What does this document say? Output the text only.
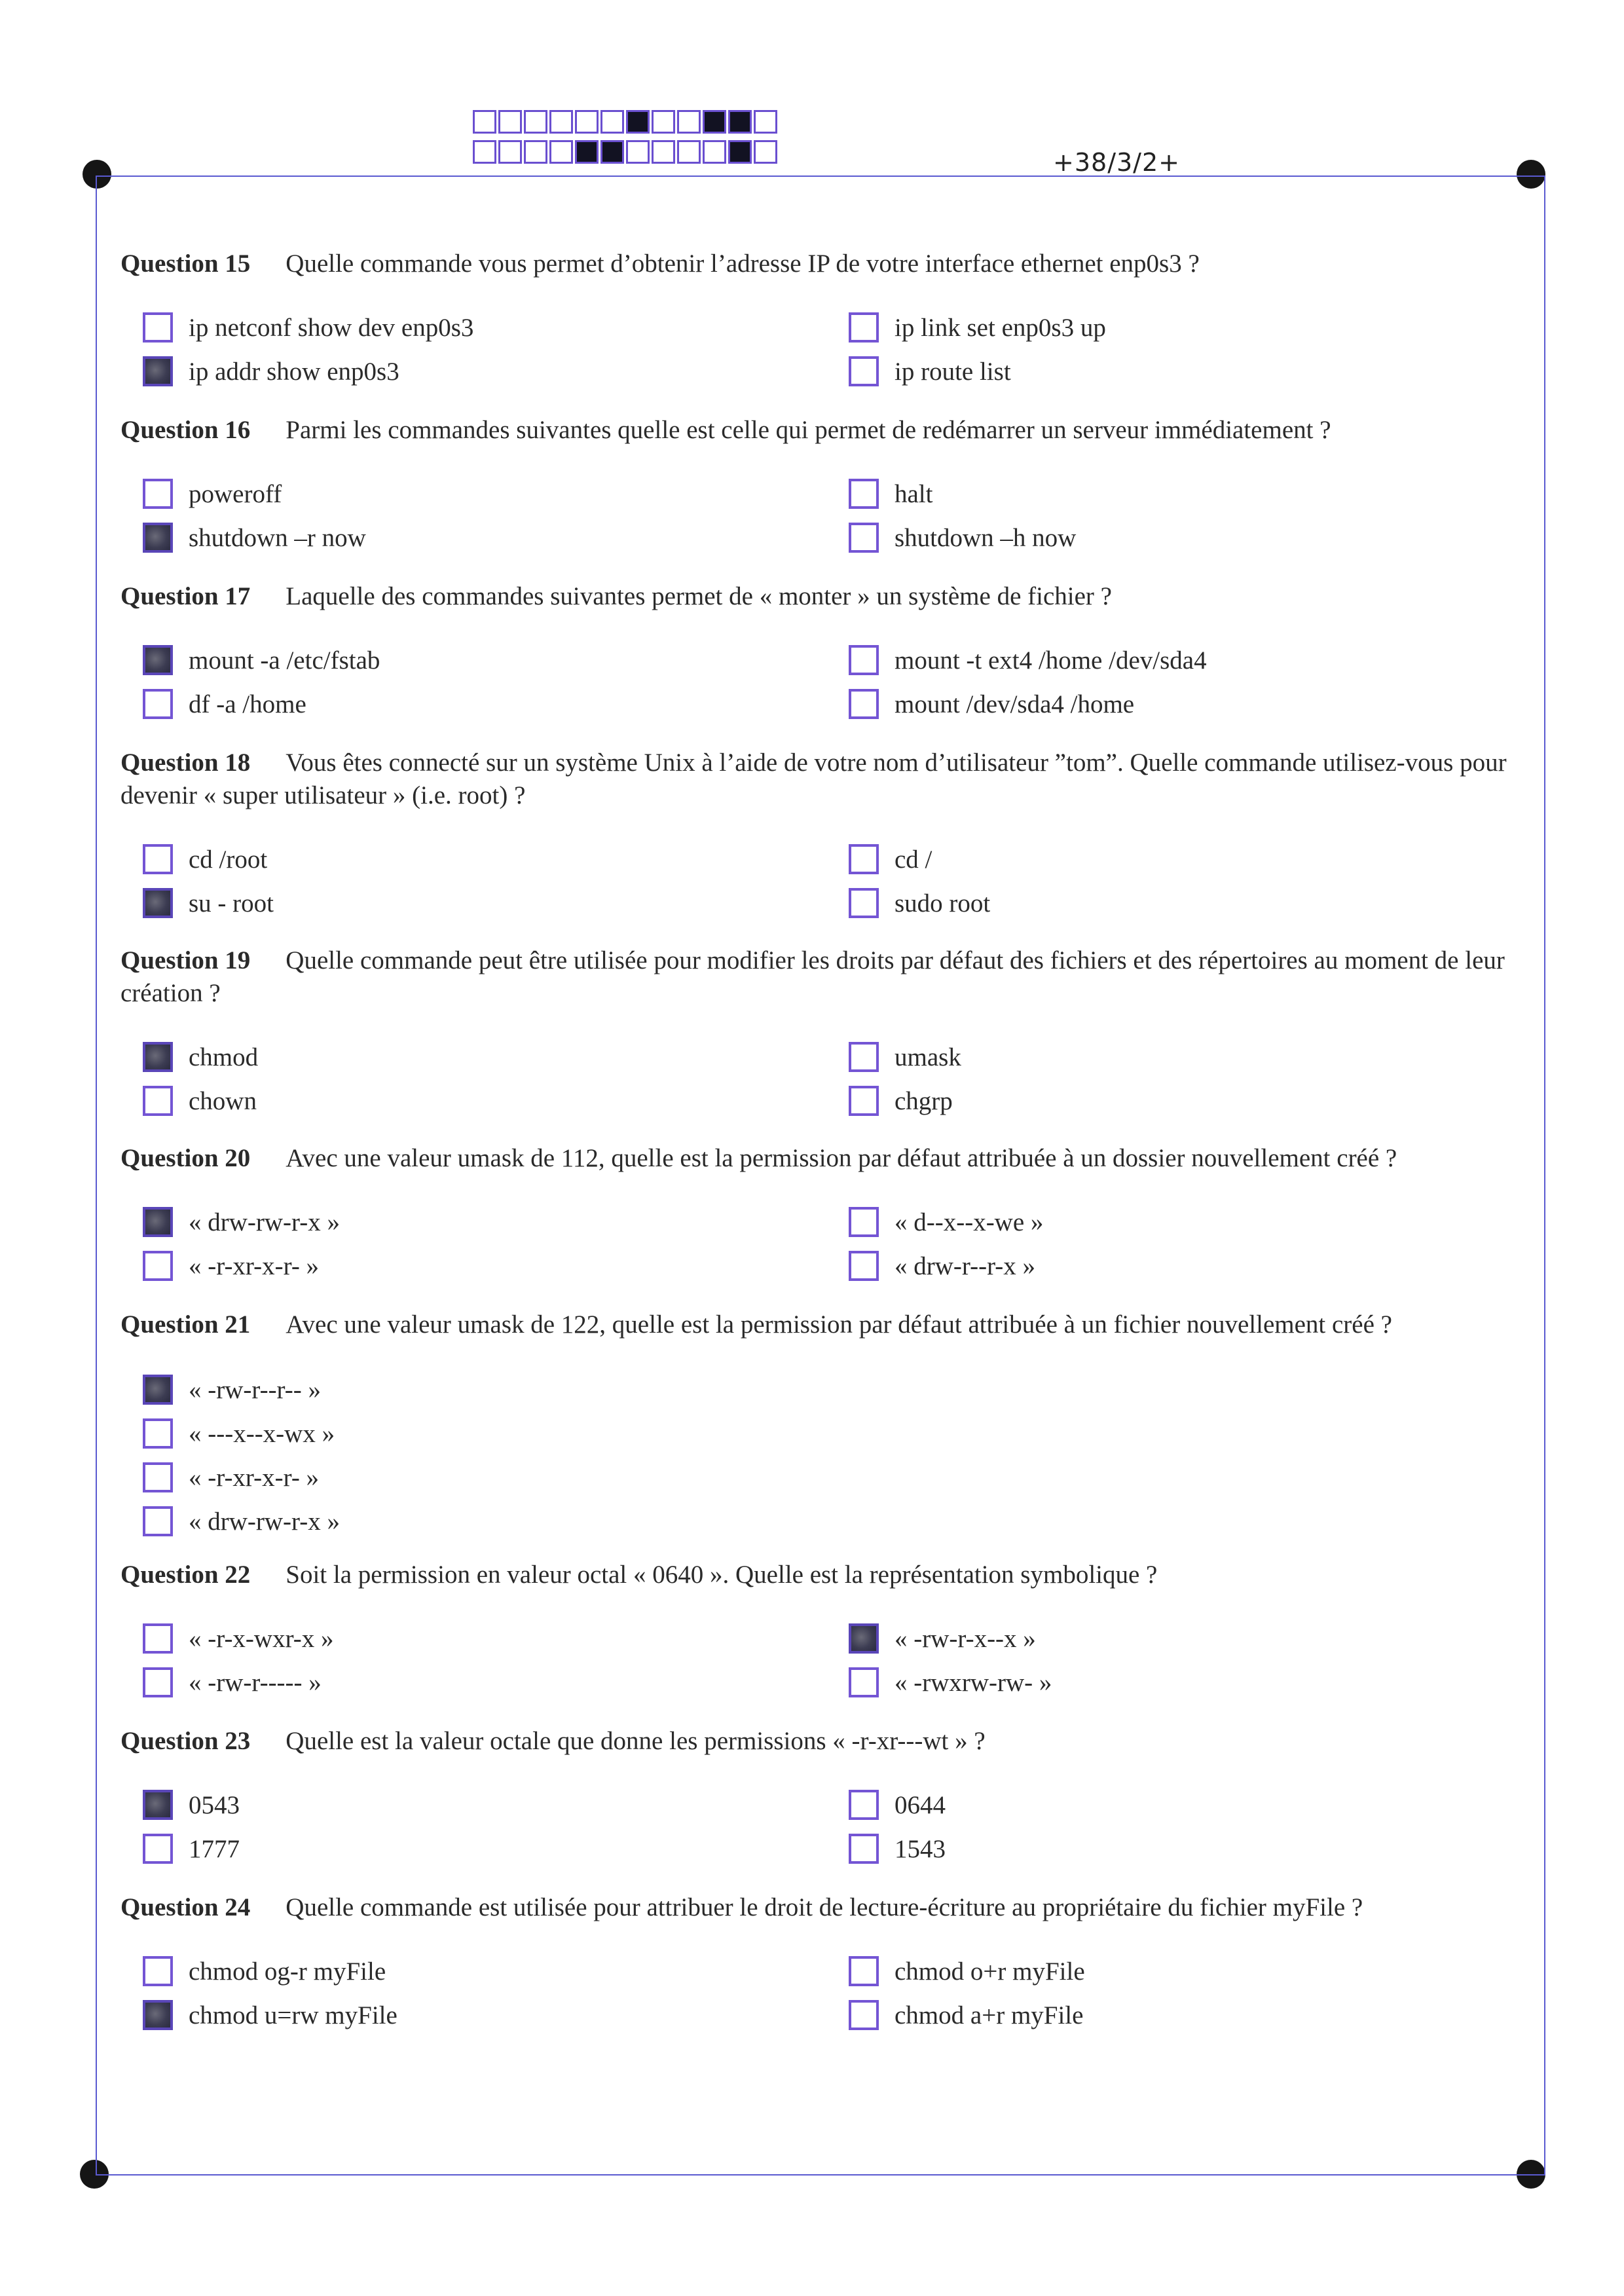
+38/3/2+
Question 15 Quelle commande vous permet d’obtenir l’adresse IP de votre interface ethernet enp0s3 ?
ip netconf show dev enp0s3
ip addr show enp0s3
ip link set enp0s3 up
ip route list
Question 16 Parmi les commandes suivantes quelle est celle qui permet de redémarrer un serveur immédiatement ?
poweroff
shutdown –r now
halt
shutdown –h now
Question 17 Laquelle des commandes suivantes permet de « monter » un système de fichier ?
mount -a /etc/fstab
df -a /home
mount -t ext4 /home /dev/sda4
mount /dev/sda4 /home
Question 18 Vous êtes connecté sur un système Unix à l’aide de votre nom d’utilisateur ”tom”. Quelle commande utilisez-vous pour devenir « super utilisateur » (i.e. root) ?
cd /root
su - root
cd /
sudo root
Question 19 Quelle commande peut être utilisée pour modifier les droits par défaut des fichiers et des répertoires au moment de leur création ?
chmod
chown
umask
chgrp
Question 20 Avec une valeur umask de 112, quelle est la permission par défaut attribuée à un dossier nouvellement créé ?
« drw-rw-r-x »
« -r-xr-x-r- »
« d--x--x-we »
« drw-r--r-x »
Question 21 Avec une valeur umask de 122, quelle est la permission par défaut attribuée à un fichier nouvellement créé ?
« -rw-r--r-- »
« ---x--x-wx »
« -r-xr-x-r- »
« drw-rw-r-x »
Question 22 Soit la permission en valeur octal « 0640 ». Quelle est la représentation symbolique ?
« -r-x-wxr-x »
« -rw-r----- »
« -rw-r-x--x »
« -rwxrw-rw- »
Question 23 Quelle est la valeur octale que donne les permissions « -r-xr---wt » ?
0543
1777
0644
1543
Question 24 Quelle commande est utilisée pour attribuer le droit de lecture-écriture au propriétaire du fichier myFile ?
chmod og-r myFile
chmod u=rw myFile
chmod o+r myFile
chmod a+r myFile
